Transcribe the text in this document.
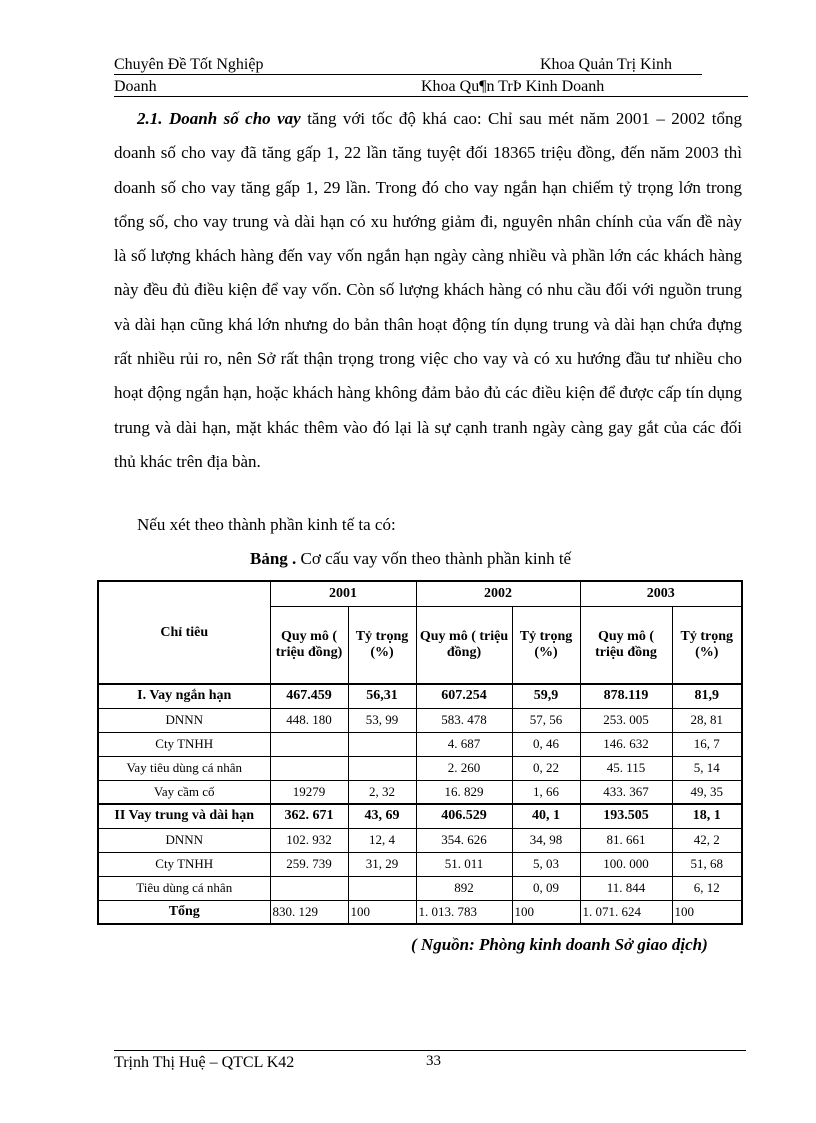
Chuyên Đề Tốt Nghiệp	Khoa Quản Trị Kinh
Doanh	Khoa Qu¶n TrÞ Kinh Doanh

2.1. Doanh số cho vay tăng với tốc độ khá cao: Chỉ sau mét năm 2001 – 2002 tổng doanh số cho vay đã tăng gấp 1, 22 lần tăng tuyệt đối 18365 triệu đồng, đến năm 2003 thì doanh số cho vay tăng gấp 1, 29 lần. Trong đó cho vay ngắn hạn chiếm tỷ trọng lớn trong tổng số, cho vay trung và dài hạn có xu hướng giảm đi, nguyên nhân chính của vấn đề này là số lượng khách hàng đến vay vốn ngắn hạn ngày càng nhiều và phần lớn các khách hàng này đều đủ điều kiện để vay vốn. Còn số lượng khách hàng có nhu cầu đối với nguồn trung và dài hạn cũng khá lớn nhưng do bản thân hoạt động tín dụng trung và dài hạn chứa đựng rất nhiều rủi ro, nên Sở rất thận trọng trong việc cho vay và có xu hướng đầu tư nhiều cho hoạt động ngắn hạn, hoặc khách hàng không đảm bảo đủ các điều kiện để được cấp tín dụng trung và dài hạn, mặt khác thêm vào đó lại là sự cạnh tranh ngày càng gay gắt của các đối thủ khác trên địa bàn.

Nếu xét theo thành phần kinh tế ta có:
Bảng . Cơ cấu vay vốn theo thành phần kinh tế
Chỉ tiêu	2001		2002		2003	
	Quy mô ( triệu đồng)	Tỷ trọng (%)	Quy mô ( triệu đồng)	Tỷ trọng (%)	Quy mô ( triệu đồng	Tỷ trọng (%)
I. Vay ngắn hạn	467.459	56,31	607.254	59,9	878.119	81,9
DNNN	448. 180	53, 99	583. 478	57, 56	253. 005	28, 81
Cty TNHH			4. 687	0, 46	146. 632	16, 7
Vay tiêu dùng cá nhân			2. 260	0, 22	45. 115	5, 14
Vay cầm cố	19279	2, 32	16. 829	1, 66	433. 367	49, 35
II Vay trung và dài hạn	362. 671	43, 69	406.529	40, 1	193.505	18, 1
DNNN	102. 932	12, 4	354. 626	34, 98	81. 661	42, 2
Cty TNHH	259. 739	31, 29	51. 011	5, 03	100. 000	51, 68
Tiêu dùng cá nhân			892	0, 09	11. 844	6, 12
Tổng	830. 129	100	1. 013. 783	100	1. 071. 624	100
( Nguồn: Phòng kinh doanh Sở giao dịch)
Trịnh Thị Huệ – QTCL K42	33
